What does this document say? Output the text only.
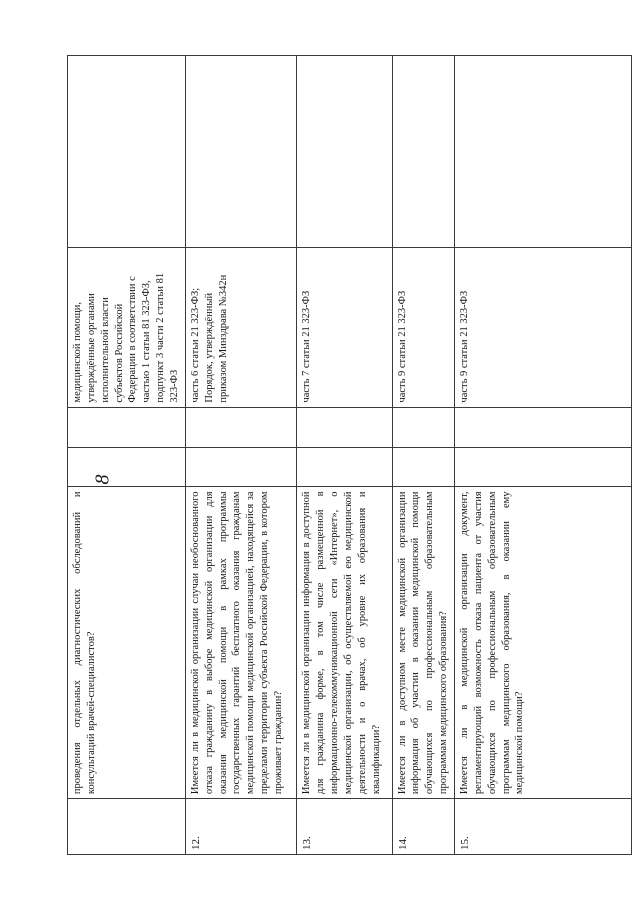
8
	проведения отдельных диагностических обследований и консультаций врачей-специалистов?			медицинской помощи, утверждённые органами исполнительной власти субъектов Российской Федерации в соответствии с частью 1 статьи 81 323-ФЗ, подпункт 3 части 2 статьи 81 323-ФЗ	
12.	Имеется ли в медицинской организации случаи необоснованного отказа гражданину в выборе медицинской организации для оказания медицинской помощи в рамках программы государственных гарантий бесплатного оказания гражданам медицинской помощи медицинской организацией, находящейся за пределами территории субъекта Российской Федерации, в котором проживает гражданин?			часть 6 статьи 21 323-ФЗ; Порядок, утверждённый приказом Минздрава №342н	
13.	Имеется ли в медицинской организации информация в доступной для гражданина форме, в том числе размещенной в информационно-телекоммуникационной сети «Интернет», о медицинской организации, об осуществляемой ею медицинской деятельности и о врачах, об уровне их образования и квалификации?			часть 7 статьи 21 323-ФЗ	
14.	Имеется ли в доступном месте медицинской организации информация об участии в оказании медицинской помощи обучающихся по профессиональным образовательным программам медицинского образования?			часть 9 статьи 21 323-ФЗ	
15.	Имеется ли в медицинской организации документ, регламентирующий возможность отказа пациента от участия обучающихся по профессиональным образовательным программам медицинского образования, в оказании ему медицинской помощи?			часть 9 статьи 21 323-ФЗ	
